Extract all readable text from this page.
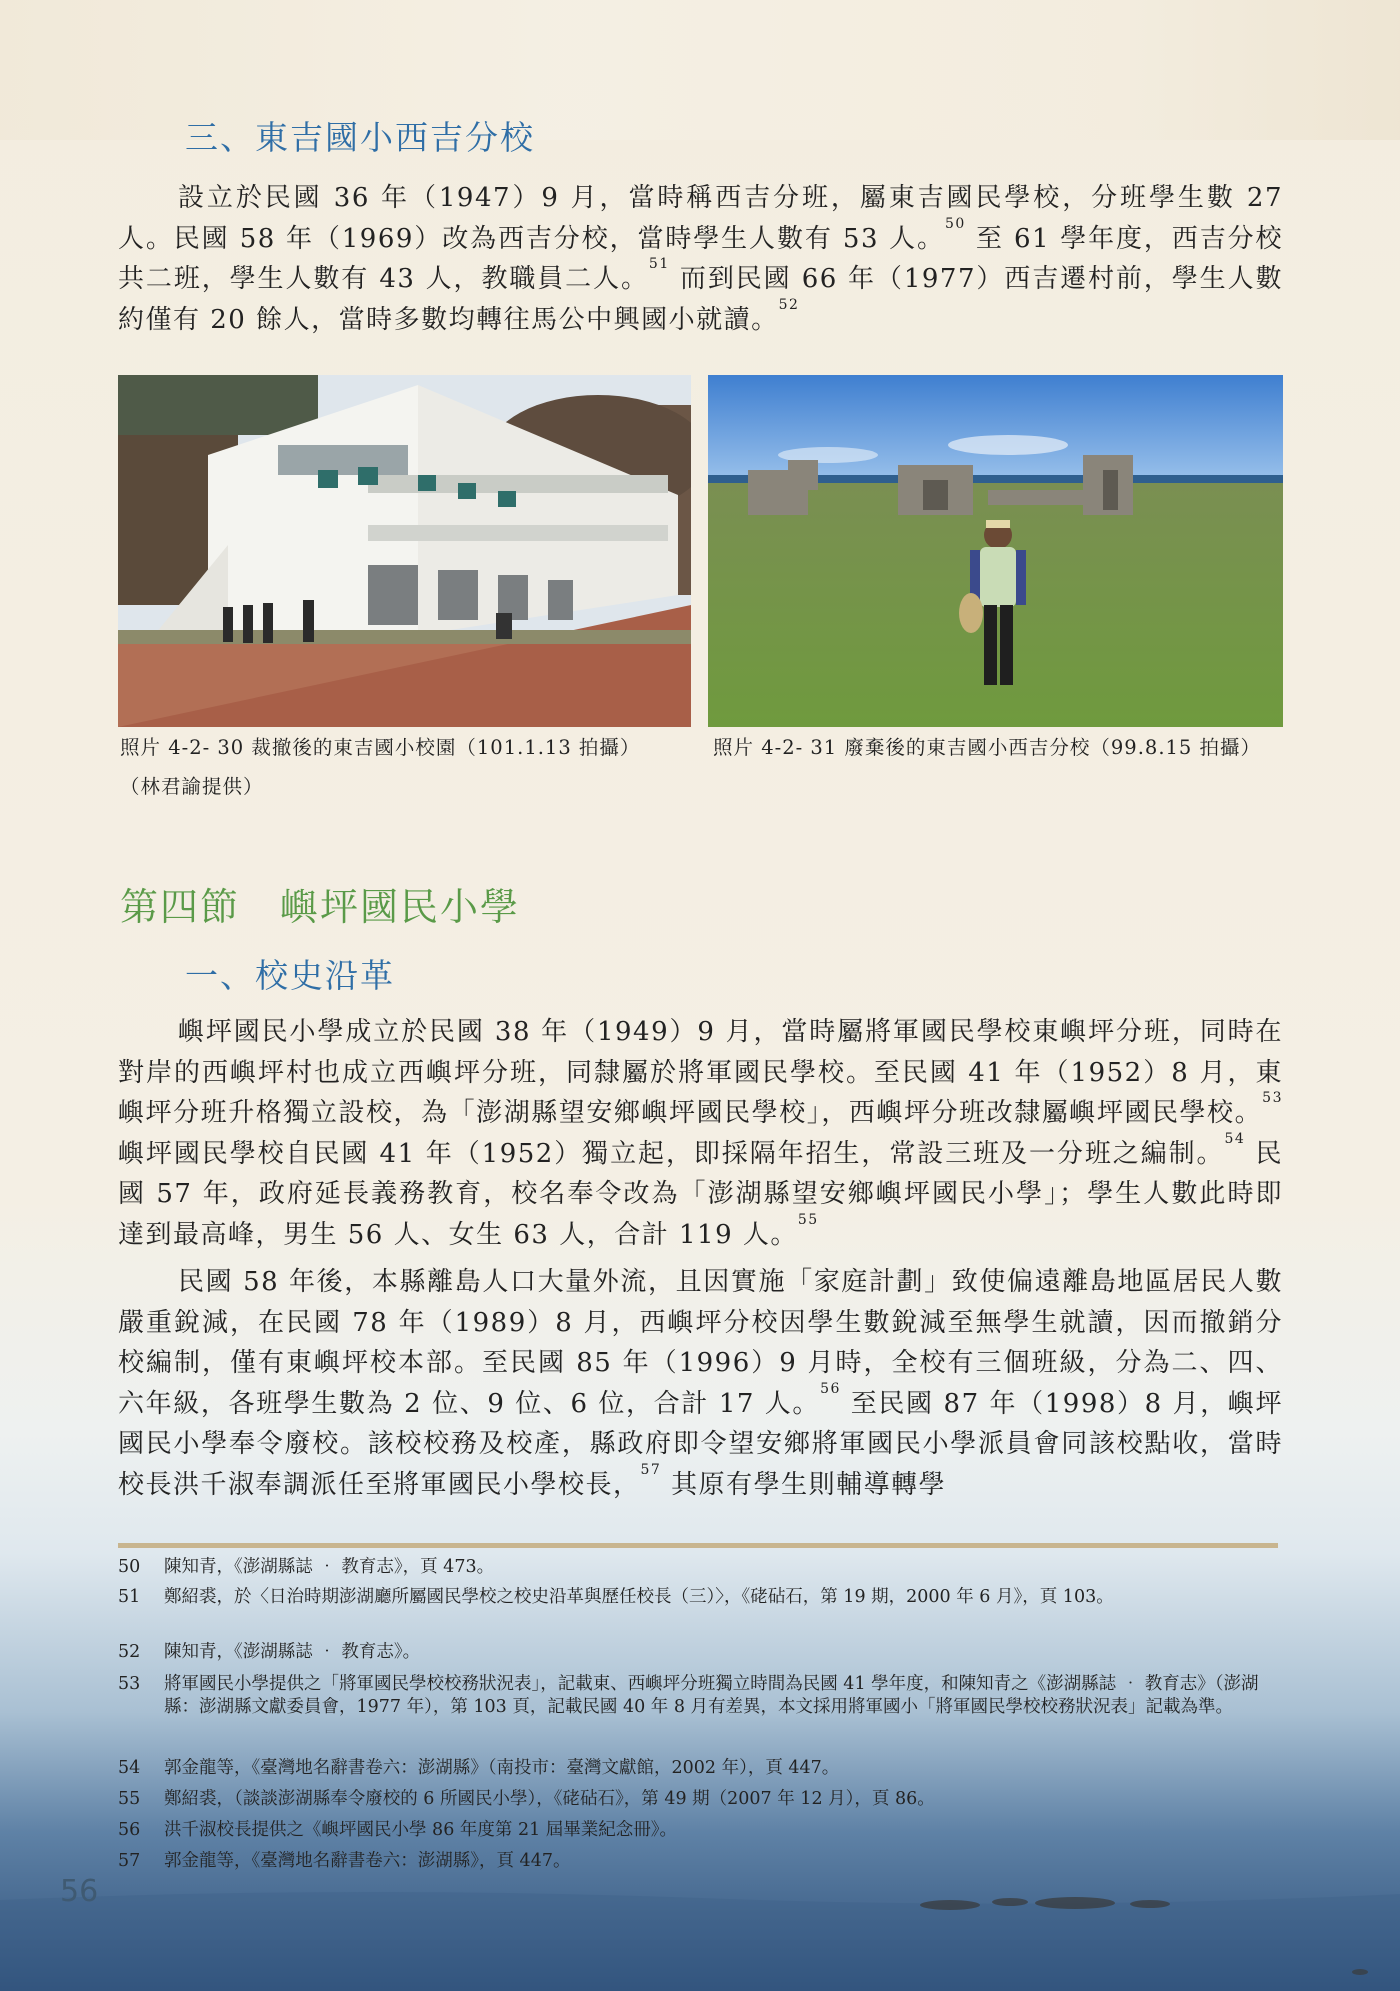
三、東吉國小西吉分校

設立於民國 36 年（1947）9 月，當時稱西吉分班，屬東吉國民學校，分班學生數 27 人。民國 58 年（1969）改為西吉分校，當時學生人數有 53 人。$^{50}$ 至 61 學年度，西吉分校共二班，學生人數有 43 人，教職員二人。$^{51}$ 而到民國 66 年（1977）西吉遷村前，學生人數約僅有 20 餘人，當時多數均轉往馬公中興國小就讀。$^{52}$

照片 4-2- 30 裁撤後的東吉國小校園（101.1.13 拍攝）
（林君諭提供）
照片 4-2- 31 廢棄後的東吉國小西吉分校（99.8.15 拍攝）
第四節　嶼坪國民小學
一、校史沿革

嶼坪國民小學成立於民國 38 年（1949）9 月，當時屬將軍國民學校東嶼坪分班，同時在對岸的西嶼坪村也成立西嶼坪分班，同隸屬於將軍國民學校。至民國 41 年（1952）8 月，東嶼坪分班升格獨立設校，為「澎湖縣望安鄉嶼坪國民學校」，西嶼坪分班改隸屬嶼坪國民學校。$^{53}$ 嶼坪國民學校自民國 41 年（1952）獨立起，即採隔年招生，常設三班及一分班之編制。$^{54}$ 民國 57 年，政府延長義務教育，校名奉令改為「澎湖縣望安鄉嶼坪國民小學」；學生人數此時即達到最高峰，男生 56 人、女生 63 人，合計 119 人。$^{55}$

民國 58 年後，本縣離島人口大量外流，且因實施「家庭計劃」致使偏遠離島地區居民人數嚴重銳減，在民國 78 年（1989）8 月，西嶼坪分校因學生數銳減至無學生就讀，因而撤銷分校編制，僅有東嶼坪校本部。至民國 85 年（1996）9 月時，全校有三個班級，分為二、四、六年級，各班學生數為 2 位、9 位、6 位，合計 17 人。$^{56}$ 至民國 87 年（1998）8 月，嶼坪國民小學奉令廢校。該校校務及校產，縣政府即令望安鄉將軍國民小學派員會同該校點收，當時校長洪千淑奉調派任至將軍國民小學校長，$^{57}$ 其原有學生則輔導轉學

50	陳知青，《澎湖縣誌 ‧ 教育志》，頁 473。
51	鄭紹裘，於〈日治時期澎湖廳所屬國民學校之校史沿革與歷任校長（三）〉，《硓砧石，第 19 期，2000 年 6 月》，頁 103。
52	陳知青，《澎湖縣誌 ‧ 教育志》。
53	將軍國民小學提供之「將軍國民學校校務狀況表」，記載東、西嶼坪分班獨立時間為民國 41 學年度，和陳知青之《澎湖縣誌 ‧ 教育志》（澎湖縣：澎湖縣文獻委員會，1977 年），第 103 頁，記載民國 40 年 8 月有差異，本文採用將軍國小「將軍國民學校校務狀況表」記載為準。
54	郭金龍等，《臺灣地名辭書卷六：澎湖縣》（南投市：臺灣文獻館，2002 年），頁 447。
55	鄭紹裘，（談談澎湖縣奉令廢校的 6 所國民小學），《硓砧石》，第 49 期（2007 年 12 月），頁 86。
56	洪千淑校長提供之《嶼坪國民小學 86 年度第 21 屆畢業紀念冊》。
57	郭金龍等，《臺灣地名辭書卷六：澎湖縣》，頁 447。
56
